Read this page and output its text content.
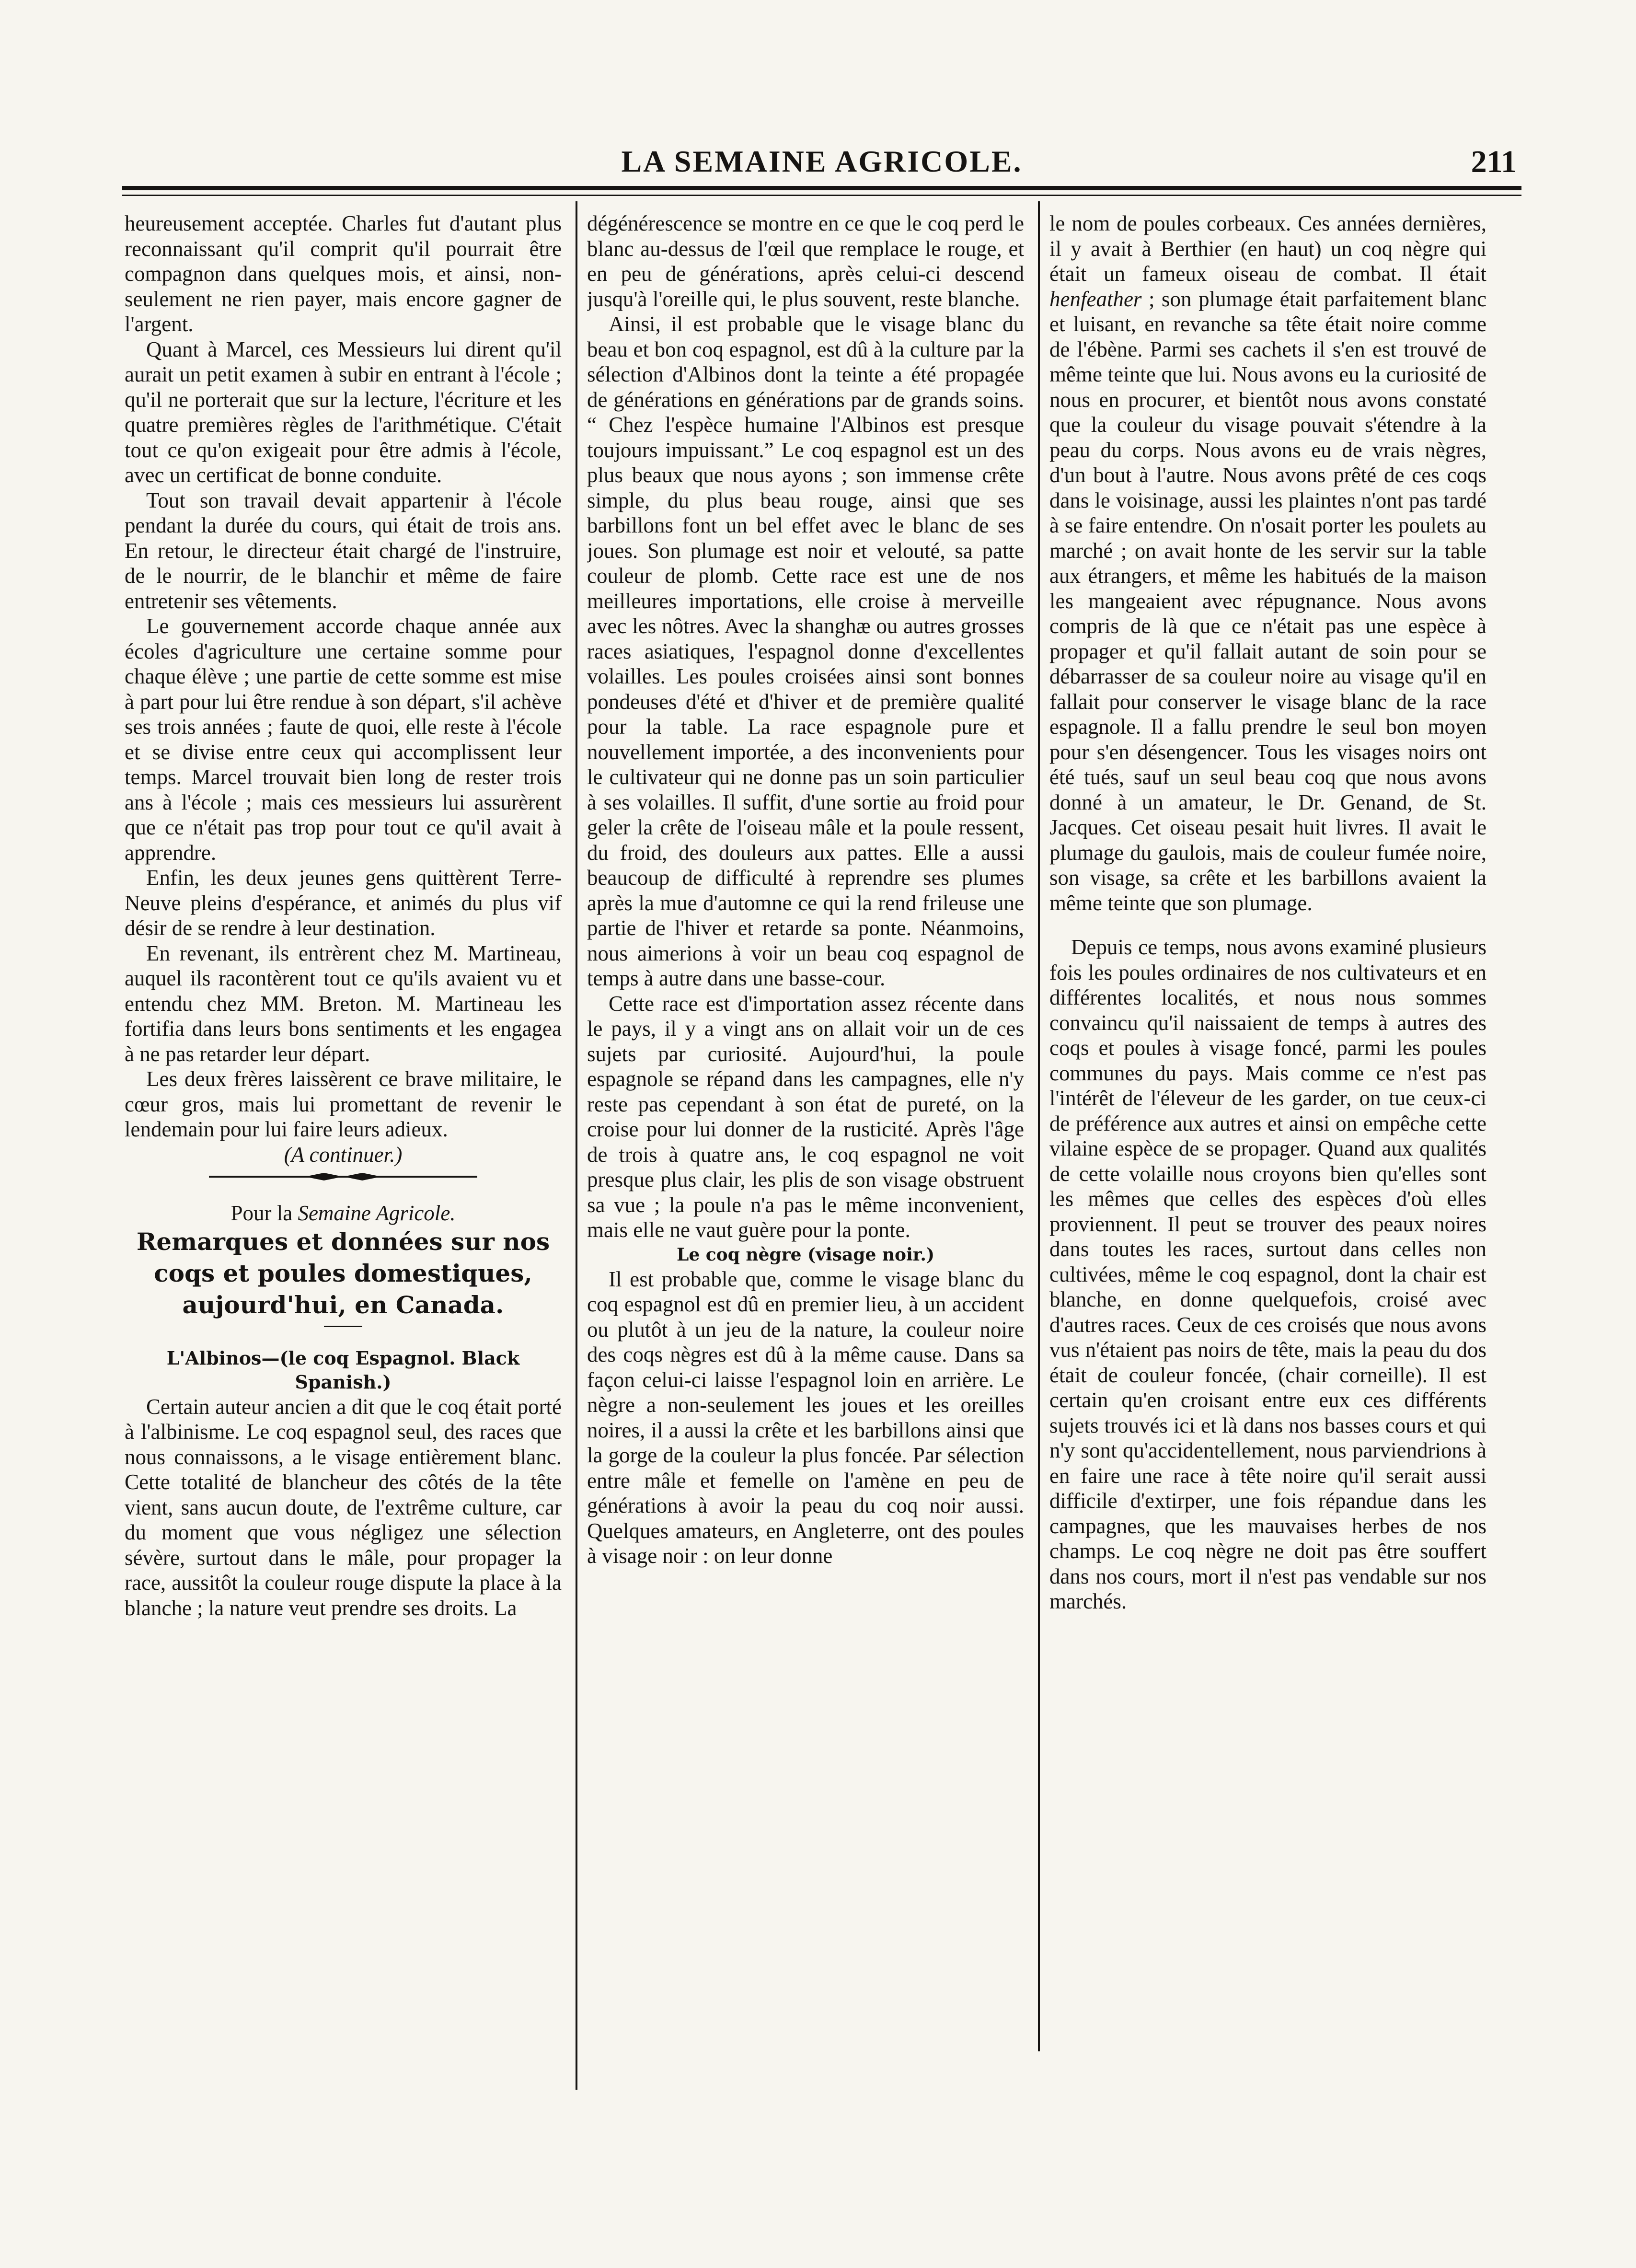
LA SEMAINE AGRICOLE.	211

heureusement acceptée. Charles fut d'autant plus reconnaissant qu'il comprit qu'il pourrait être compagnon dans quelques mois, et ainsi, non-seulement ne rien payer, mais encore gagner de l'argent.

Quant à Marcel, ces Messieurs lui dirent qu'il aurait un petit examen à subir en entrant à l'école ; qu'il ne porterait que sur la lecture, l'écriture et les quatre premières règles de l'arithmétique. C'était tout ce qu'on exigeait pour être admis à l'école, avec un certificat de bonne conduite.

Tout son travail devait appartenir à l'école pendant la durée du cours, qui était de trois ans. En retour, le directeur était chargé de l'instruire, de le nourrir, de le blanchir et même de faire entretenir ses vêtements.

Le gouvernement accorde chaque année aux écoles d'agriculture une certaine somme pour chaque élève ; une partie de cette somme est mise à part pour lui être rendue à son départ, s'il achève ses trois années ; faute de quoi, elle reste à l'école et se divise entre ceux qui accomplissent leur temps. Marcel trouvait bien long de rester trois ans à l'école ; mais ces messieurs lui assurèrent que ce n'était pas trop pour tout ce qu'il avait à apprendre.

Enfin, les deux jeunes gens quittèrent Terre-Neuve pleins d'espérance, et animés du plus vif désir de se rendre à leur destination.

En revenant, ils entrèrent chez M. Martineau, auquel ils racontèrent tout ce qu'ils avaient vu et entendu chez MM. Breton. M. Martineau les fortifia dans leurs bons sentiments et les engagea à ne pas retarder leur départ.

Les deux frères laissèrent ce brave militaire, le cœur gros, mais lui promettant de revenir le lendemain pour lui faire leurs adieux.

(A continuer.)

Pour la Semaine Agricole.

Remarques et données sur nos coqs et poules domestiques, aujourd'hui, en Canada.

L'Albinos—(le coq Espagnol. Black Spanish.)

Certain auteur ancien a dit que le coq était porté à l'albinisme. Le coq espagnol seul, des races que nous connaissons, a le visage entièrement blanc. Cette totalité de blancheur des côtés de la tête vient, sans aucun doute, de l'extrême culture, car du moment que vous négligez une sélection sévère, surtout dans le mâle, pour propager la race, aussitôt la couleur rouge dispute la place à la blanche ; la nature veut prendre ses droits. La

dégénérescence se montre en ce que le coq perd le blanc au-dessus de l'œil que remplace le rouge, et en peu de générations, après celui-ci descend jusqu'à l'oreille qui, le plus souvent, reste blanche.

Ainsi, il est probable que le visage blanc du beau et bon coq espagnol, est dû à la culture par la sélection d'Albinos dont la teinte a été propagée de générations en générations par de grands soins. “ Chez l'espèce humaine l'Albinos est presque toujours impuissant.” Le coq espagnol est un des plus beaux que nous ayons ; son immense crête simple, du plus beau rouge, ainsi que ses barbillons font un bel effet avec le blanc de ses joues. Son plumage est noir et velouté, sa patte couleur de plomb. Cette race est une de nos meilleures importations, elle croise à merveille avec les nôtres. Avec la shanghæ ou autres grosses races asiatiques, l'espagnol donne d'excellentes volailles. Les poules croisées ainsi sont bonnes pondeuses d'été et d'hiver et de première qualité pour la table. La race espagnole pure et nouvellement importée, a des inconvenients pour le cultivateur qui ne donne pas un soin particulier à ses volailles. Il suffit, d'une sortie au froid pour geler la crête de l'oiseau mâle et la poule ressent, du froid, des douleurs aux pattes. Elle a aussi beaucoup de difficulté à reprendre ses plumes après la mue d'automne ce qui la rend frileuse une partie de l'hiver et retarde sa ponte. Néanmoins, nous aimerions à voir un beau coq espagnol de temps à autre dans une basse-cour.

Cette race est d'importation assez récente dans le pays, il y a vingt ans on allait voir un de ces sujets par curiosité. Aujourd'hui, la poule espagnole se répand dans les campagnes, elle n'y reste pas cependant à son état de pureté, on la croise pour lui donner de la rusticité. Après l'âge de trois à quatre ans, le coq espagnol ne voit presque plus clair, les plis de son visage obstruent sa vue ; la poule n'a pas le même inconvenient, mais elle ne vaut guère pour la ponte.

Le coq nègre (visage noir.)

Il est probable que, comme le visage blanc du coq espagnol est dû en premier lieu, à un accident ou plutôt à un jeu de la nature, la couleur noire des coqs nègres est dû à la même cause. Dans sa façon celui-ci laisse l'espagnol loin en arrière. Le nègre a non-seulement les joues et les oreilles noires, il a aussi la crête et les barbillons ainsi que la gorge de la couleur la plus foncée. Par sélection entre mâle et femelle on l'amène en peu de générations à avoir la peau du coq noir aussi. Quelques amateurs, en Angleterre, ont des poules à visage noir : on leur donne

le nom de poules corbeaux. Ces années dernières, il y avait à Berthier (en haut) un coq nègre qui était un fameux oiseau de combat. Il était henfeather ; son plumage était parfaitement blanc et luisant, en revanche sa tête était noire comme de l'ébène. Parmi ses cachets il s'en est trouvé de même teinte que lui. Nous avons eu la curiosité de nous en procurer, et bientôt nous avons constaté que la couleur du visage pouvait s'étendre à la peau du corps. Nous avons eu de vrais nègres, d'un bout à l'autre. Nous avons prêté de ces coqs dans le voisinage, aussi les plaintes n'ont pas tardé à se faire entendre. On n'osait porter les poulets au marché ; on avait honte de les servir sur la table aux étrangers, et même les habitués de la maison les mangeaient avec répugnance. Nous avons compris de là que ce n'était pas une espèce à propager et qu'il fallait autant de soin pour se débarrasser de sa couleur noire au visage qu'il en fallait pour conserver le visage blanc de la race espagnole. Il a fallu prendre le seul bon moyen pour s'en désengencer. Tous les visages noirs ont été tués, sauf un seul beau coq que nous avons donné à un amateur, le Dr. Genand, de St. Jacques. Cet oiseau pesait huit livres. Il avait le plumage du gaulois, mais de couleur fumée noire, son visage, sa crête et les barbillons avaient la même teinte que son plumage.

Depuis ce temps, nous avons examiné plusieurs fois les poules ordinaires de nos cultivateurs et en différentes localités, et nous nous sommes convaincu qu'il naissaient de temps à autres des coqs et poules à visage foncé, parmi les poules communes du pays. Mais comme ce n'est pas l'intérêt de l'éleveur de les garder, on tue ceux-ci de préférence aux autres et ainsi on empêche cette vilaine espèce de se propager. Quand aux qualités de cette volaille nous croyons bien qu'elles sont les mêmes que celles des espèces d'où elles proviennent. Il peut se trouver des peaux noires dans toutes les races, surtout dans celles non cultivées, même le coq espagnol, dont la chair est blanche, en donne quelquefois, croisé avec d'autres races. Ceux de ces croisés que nous avons vus n'étaient pas noirs de tête, mais la peau du dos était de couleur foncée, (chair corneille). Il est certain qu'en croisant entre eux ces différents sujets trouvés ici et là dans nos basses cours et qui n'y sont qu'accidentellement, nous parviendrions à en faire une race à tête noire qu'il serait aussi difficile d'extirper, une fois répandue dans les campagnes, que les mauvaises herbes de nos champs. Le coq nègre ne doit pas être souffert dans nos cours, mort il n'est pas vendable sur nos marchés.
